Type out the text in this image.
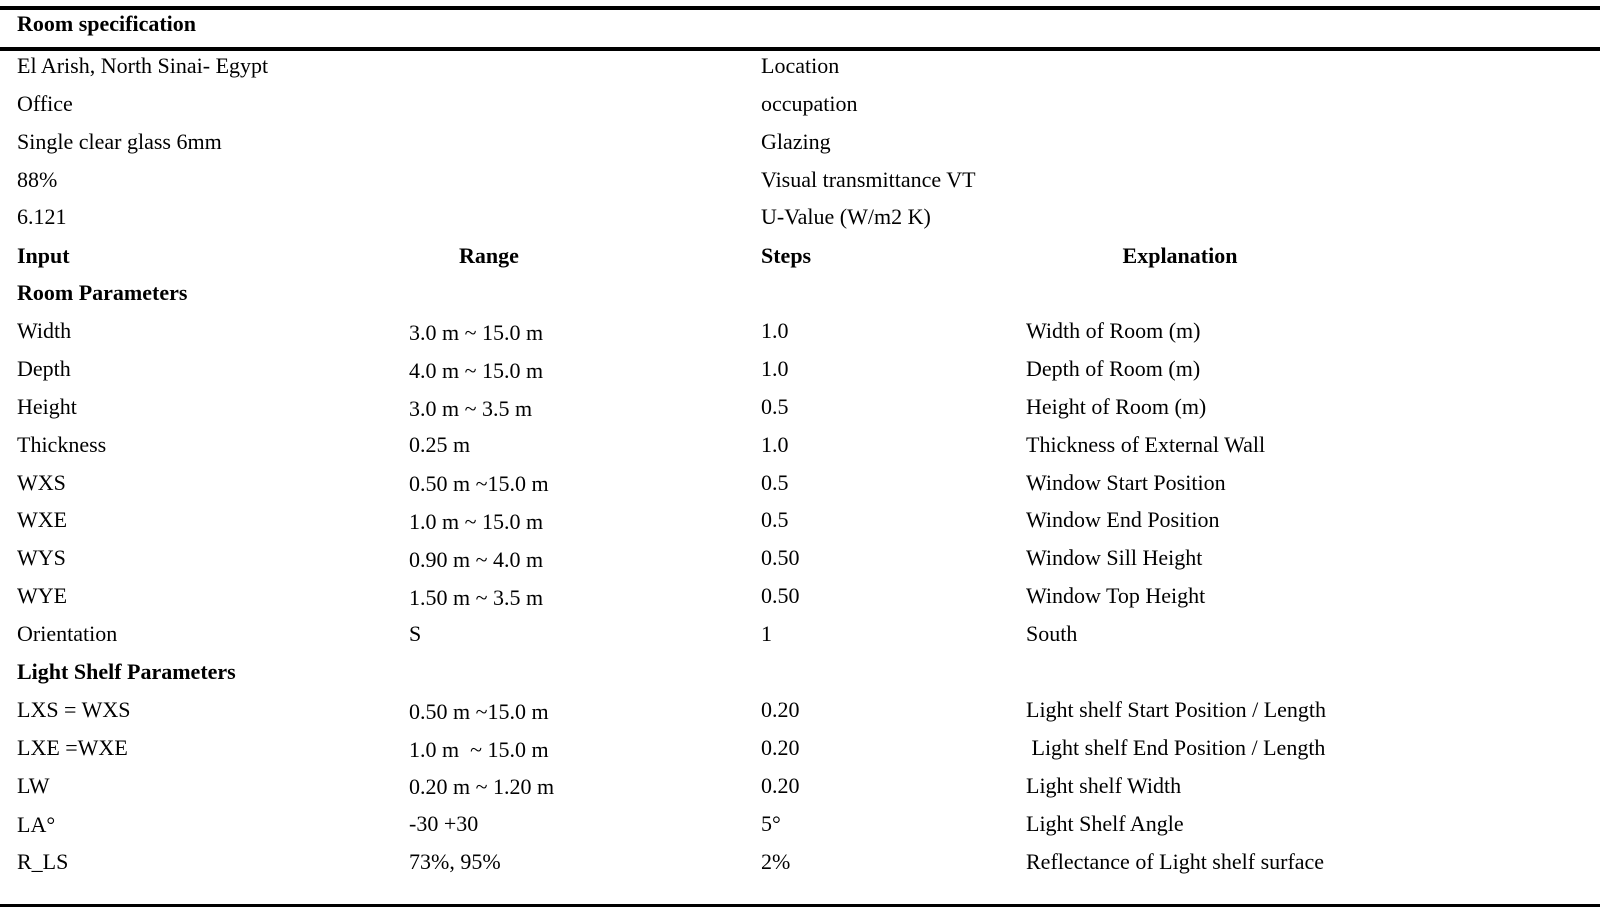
Room specification
El Arish, North Sinai- Egypt	Location
Office	occupation
Single clear glass 6mm	Glazing
88%	Visual transmittance VT
6.121	U-Value (W/m2 K)
Input	Range	Steps	Explanation
Room Parameters
Width	3.0 m ~ 15.0 m	1.0	Width of Room (m)
Depth	4.0 m ~ 15.0 m	1.0	Depth of Room (m)
Height	3.0 m ~ 3.5 m	0.5	Height of Room (m)
Thickness	0.25 m	1.0	Thickness of External Wall
WXS	0.50 m ~15.0 m	0.5	Window Start Position
WXE	1.0 m ~ 15.0 m	0.5	Window End Position
WYS	0.90 m ~ 4.0 m	0.50	Window Sill Height
WYE	1.50 m ~ 3.5 m	0.50	Window Top Height
Orientation	S	1	South
Light Shelf Parameters
LXS = WXS	0.50 m ~15.0 m	0.20	Light shelf Start Position / Length
LXE =WXE	1.0 m  ~ 15.0 m	0.20	Light shelf End Position / Length
LW	0.20 m ~ 1.20 m	0.20	Light shelf Width
LA°	-30 +30	5°	Light Shelf Angle
R_LS	73%, 95%	2%	Reflectance of Light shelf surface
